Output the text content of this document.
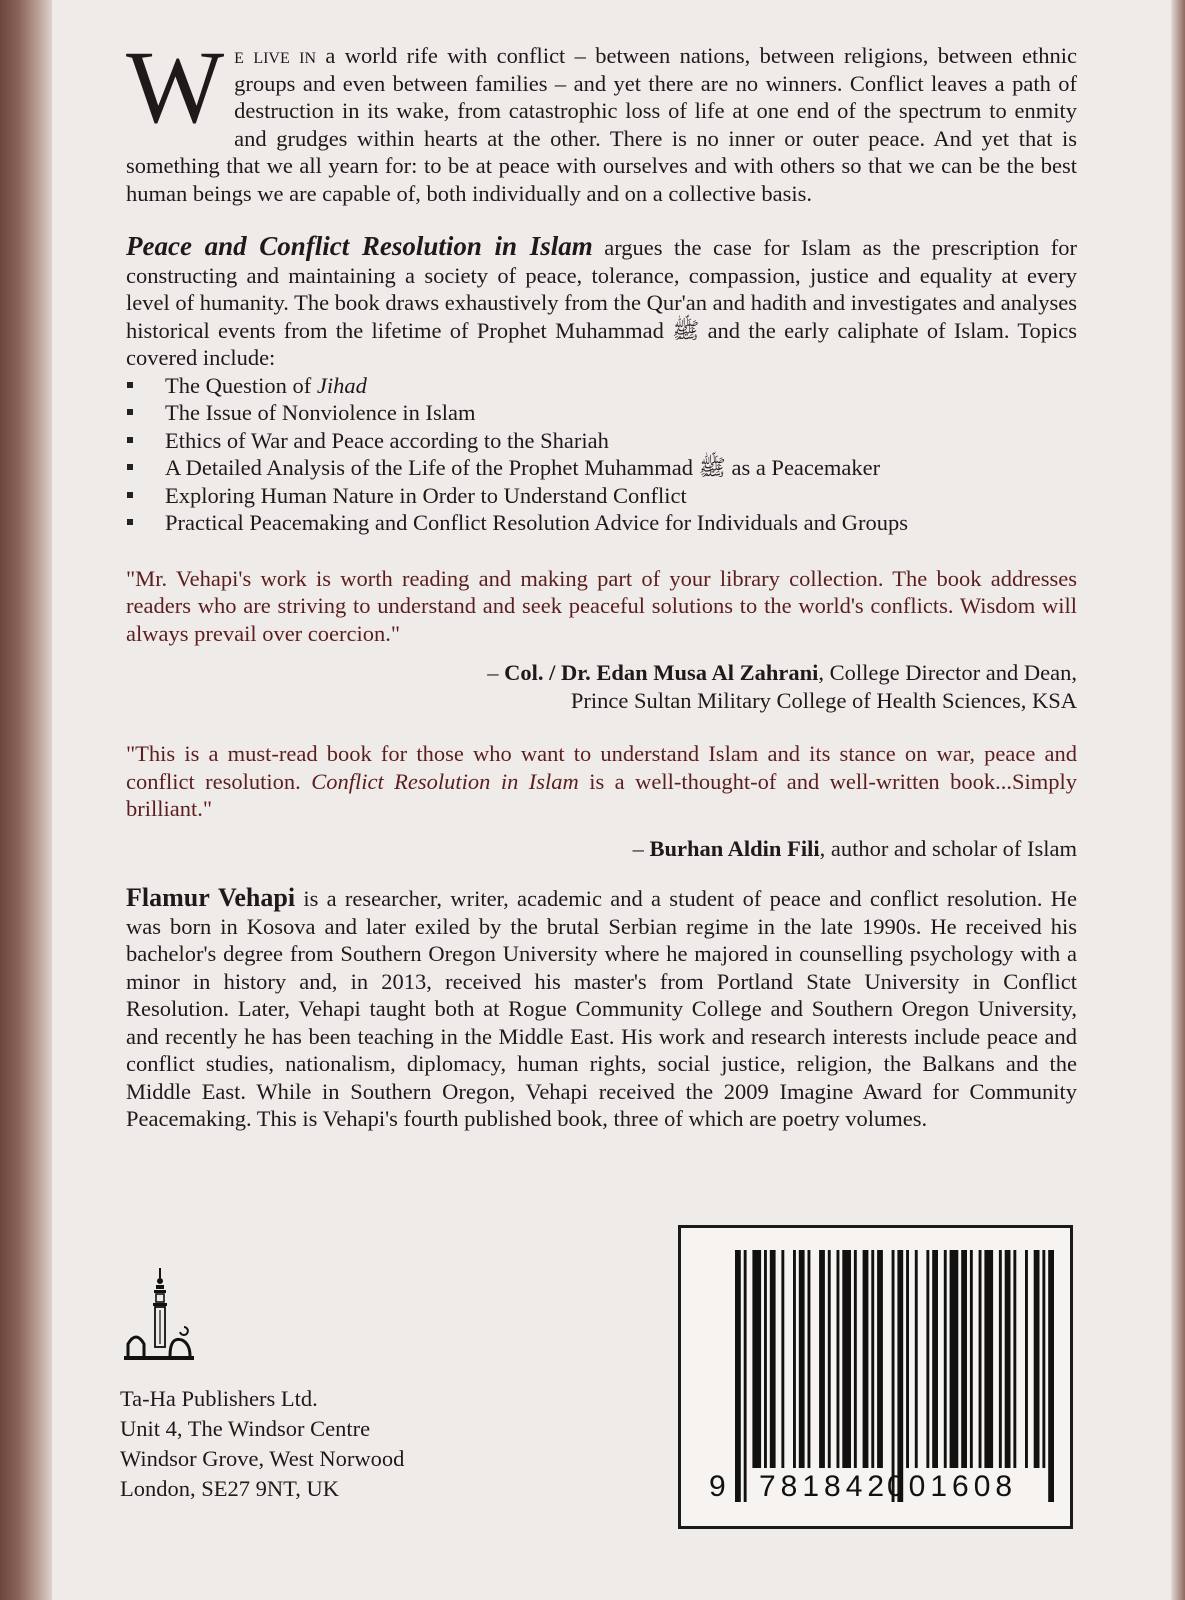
We live in a world rife with conflict – between nations, between religions, between ethnic groups and even between families – and yet there are no winners. Conflict leaves a path of destruction in its wake, from catastrophic loss of life at one end of the spectrum to enmity and grudges within hearts at the other. There is no inner or outer peace. And yet that is something that we all yearn for: to be at peace with ourselves and with others so that we can be the best human beings we are capable of, both individually and on a collective basis.

Peace and Conflict Resolution in Islam argues the case for Islam as the prescription for constructing and maintaining a society of peace, tolerance, compassion, justice and equality at every level of humanity. The book draws exhaustively from the Qur'an and hadith and investigates and analyses historical events from the lifetime of Prophet Muhammad ﷺ and the early caliphate of Islam. Topics covered include:

The Question of Jihad
The Issue of Nonviolence in Islam
Ethics of War and Peace according to the Shariah
A Detailed Analysis of the Life of the Prophet Muhammad ﷺ as a Peacemaker
Exploring Human Nature in Order to Understand Conflict
Practical Peacemaking and Conflict Resolution Advice for Individuals and Groups

"Mr. Vehapi's work is worth reading and making part of your library collection. The book addresses readers who are striving to understand and seek peaceful solutions to the world's conflicts. Wisdom will always prevail over coercion."

– Col. / Dr. Edan Musa Al Zahrani, College Director and Dean,
Prince Sultan Military College of Health Sciences, KSA

"This is a must-read book for those who want to understand Islam and its stance on war, peace and conflict resolution. Conflict Resolution in Islam is a well-thought-of and well-written book...Simply brilliant."

– Burhan Aldin Fili, author and scholar of Islam

Flamur Vehapi is a researcher, writer, academic and a student of peace and conflict resolution. He was born in Kosova and later exiled by the brutal Serbian regime in the late 1990s. He received his bachelor's degree from Southern Oregon University where he majored in counselling psychology with a minor in history and, in 2013, received his master's from Portland State University in Conflict Resolution. Later, Vehapi taught both at Rogue Community College and Southern Oregon University, and recently he has been teaching in the Middle East. His work and research interests include peace and conflict studies, nationalism, diplomacy, human rights, social justice, religion, the Balkans and the Middle East. While in Southern Oregon, Vehapi received the 2009 Imagine Award for Community Peacemaking. This is Vehapi's fourth published book, three of which are poetry volumes.

Ta-Ha Publishers Ltd.
Unit 4, The Windsor Centre
Windsor Grove, West Norwood
London, SE27 9NT, UK	9 781842
001608
